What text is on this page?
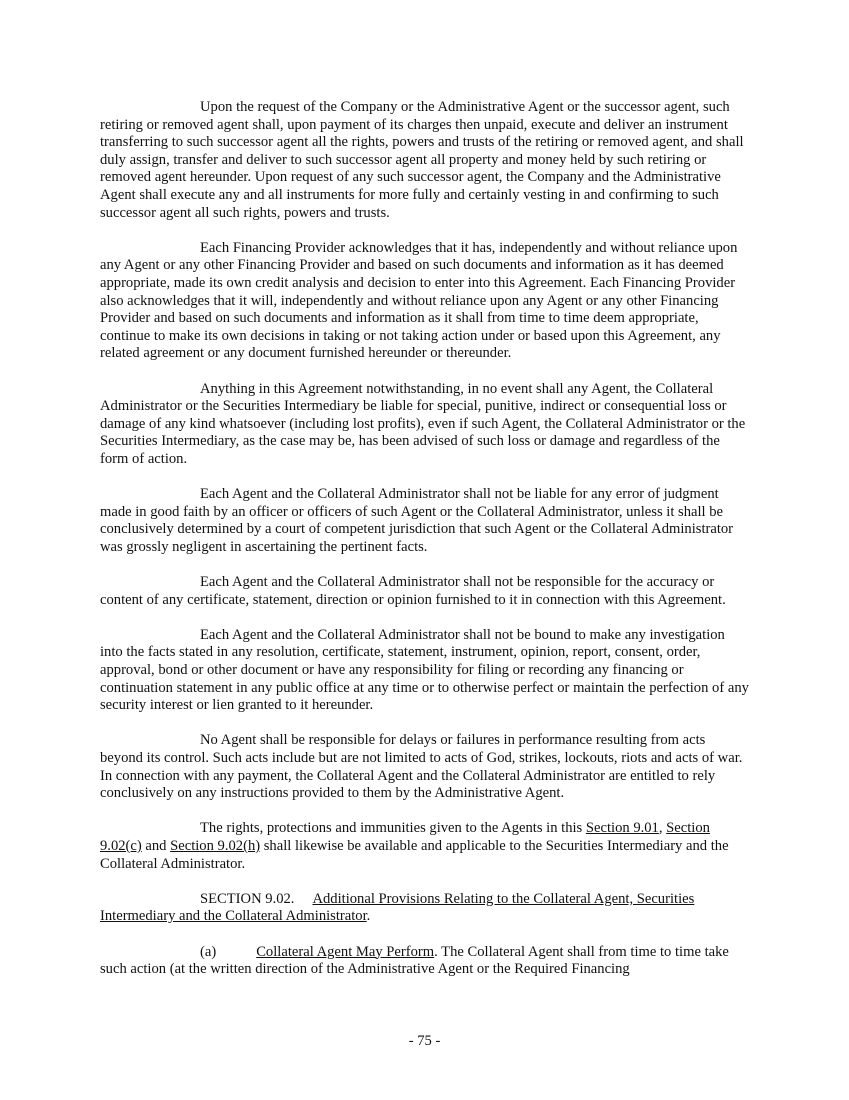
Upon the request of the Company or the Administrative Agent or the successor agent, such retiring or removed agent shall, upon payment of its charges then unpaid, execute and deliver an instrument transferring to such successor agent all the rights, powers and trusts of the retiring or removed agent, and shall duly assign, transfer and deliver to such successor agent all property and money held by such retiring or removed agent hereunder. Upon request of any such successor agent, the Company and the Administrative Agent shall execute any and all instruments for more fully and certainly vesting in and confirming to such successor agent all such rights, powers and trusts.

Each Financing Provider acknowledges that it has, independently and without reliance upon any Agent or any other Financing Provider and based on such documents and information as it has deemed appropriate, made its own credit analysis and decision to enter into this Agreement. Each Financing Provider also acknowledges that it will, independently and without reliance upon any Agent or any other Financing Provider and based on such documents and information as it shall from time to time deem appropriate, continue to make its own decisions in taking or not taking action under or based upon this Agreement, any related agreement or any document furnished hereunder or thereunder.

Anything in this Agreement notwithstanding, in no event shall any Agent, the Collateral Administrator or the Securities Intermediary be liable for special, punitive, indirect or consequential loss or damage of any kind whatsoever (including lost profits), even if such Agent, the Collateral Administrator or the Securities Intermediary, as the case may be, has been advised of such loss or damage and regardless of the form of action.

Each Agent and the Collateral Administrator shall not be liable for any error of judgment made in good faith by an officer or officers of such Agent or the Collateral Administrator, unless it shall be conclusively determined by a court of competent jurisdiction that such Agent or the Collateral Administrator was grossly negligent in ascertaining the pertinent facts.

Each Agent and the Collateral Administrator shall not be responsible for the accuracy or content of any certificate, statement, direction or opinion furnished to it in connection with this Agreement.

Each Agent and the Collateral Administrator shall not be bound to make any investigation into the facts stated in any resolution, certificate, statement, instrument, opinion, report, consent, order, approval, bond or other document or have any responsibility for filing or recording any financing or continuation statement in any public office at any time or to otherwise perfect or maintain the perfection of any security interest or lien granted to it hereunder.

No Agent shall be responsible for delays or failures in performance resulting from acts beyond its control. Such acts include but are not limited to acts of God, strikes, lockouts, riots and acts of war. In connection with any payment, the Collateral Agent and the Collateral Administrator are entitled to rely conclusively on any instructions provided to them by the Administrative Agent.

The rights, protections and immunities given to the Agents in this Section 9.01, Section 9.02(c) and Section 9.02(h) shall likewise be available and applicable to the Securities Intermediary and the Collateral Administrator.

SECTION 9.02. Additional Provisions Relating to the Collateral Agent, Securities Intermediary and the Collateral Administrator.

(a)	Collateral Agent May Perform. The Collateral Agent shall from time to time take such action (at the written direction of the Administrative Agent or the Required Financing

- 75 -
